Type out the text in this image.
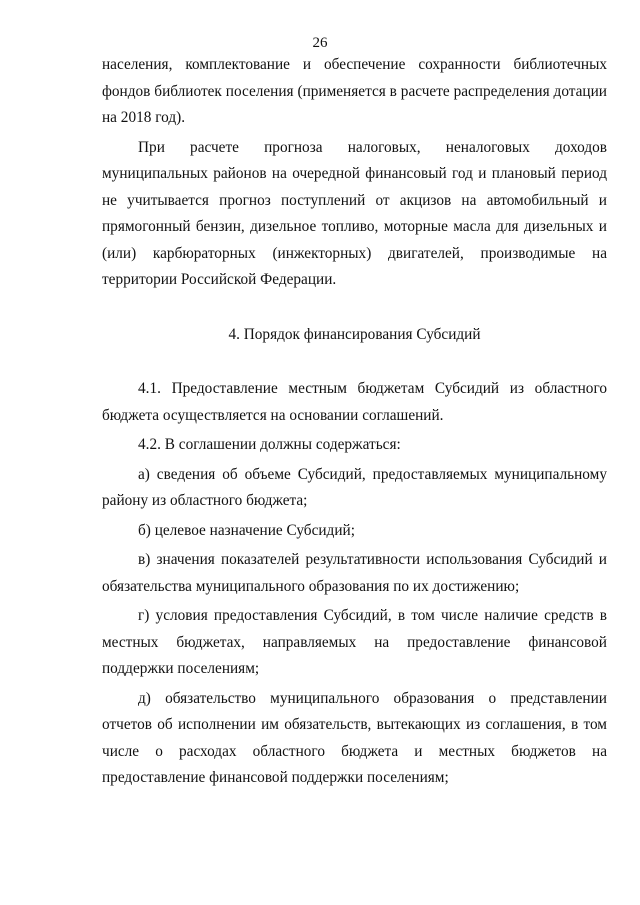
26

населения, комплектование и обеспечение сохранности библиотечных фондов библиотек поселения (применяется в расчете распределения дотации на 2018 год).

При расчете прогноза налоговых, неналоговых доходов муниципальных районов на очередной финансовый год и плановый период не учитывается прогноз поступлений от акцизов на автомобильный и прямогонный бензин, дизельное топливо, моторные масла для дизельных и (или) карбюраторных (инжекторных) двигателей, производимые на территории Российской Федерации.

4. Порядок финансирования Субсидий

4.1. Предоставление местным бюджетам Субсидий из областного бюджета осуществляется на основании соглашений.

4.2. В соглашении должны содержаться:

а) сведения об объеме Субсидий, предоставляемых муниципальному району из областного бюджета;

б) целевое назначение Субсидий;

в) значения показателей результативности использования Субсидий и обязательства муниципального образования по их достижению;

г) условия предоставления Субсидий, в том числе наличие средств в местных бюджетах, направляемых на предоставление финансовой поддержки поселениям;

д) обязательство муниципального образования о представлении отчетов об исполнении им обязательств, вытекающих из соглашения, в том числе о расходах областного бюджета и местных бюджетов на предоставление финансовой поддержки поселениям;
